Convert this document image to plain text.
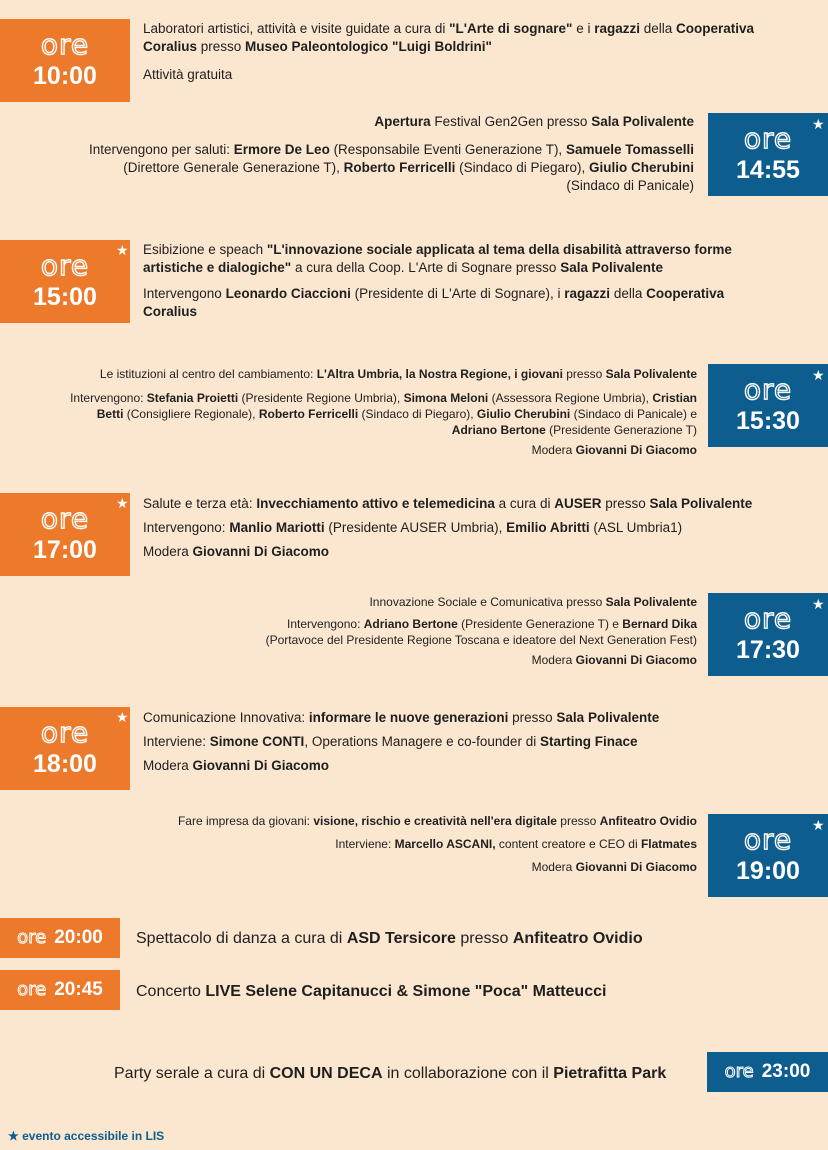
ore
10:00

Laboratori artistici, attività e visite guidate a cura di "L'Arte di sognare" e i ragazzi della Cooperativa Coralius presso Museo Paleontologico "Luigi Boldrini"

Attività gratuita

Apertura Festival Gen2Gen presso Sala Polivalente

Intervengono per saluti: Ermore De Leo (Responsabile Eventi Generazione T), Samuele Tomasselli (Direttore Generale Generazione T), Roberto Ferricelli (Sindaco di Piegaro), Giulio Cherubini (Sindaco di Panicale)

ore
14:55
★
ore
15:00
★ Esibizione e speach "L'innovazione sociale applicata al tema della disabilità attraverso forme artistiche e dialogiche" a cura della Coop. L'Arte di Sognare presso Sala Polivalente

Intervengono Leonardo Ciaccioni (Presidente di L'Arte di Sognare), i ragazzi della Cooperativa Coralius

Le istituzioni al centro del cambiamento: L'Altra Umbria, la Nostra Regione, i giovani presso Sala Polivalente

Intervengono: Stefania Proietti (Presidente Regione Umbria), Simona Meloni (Assessora Regione Umbria), Cristian Betti (Consigliere Regionale), Roberto Ferricelli (Sindaco di Piegaro), Giulio Cherubini (Sindaco di Panicale) e Adriano Bertone (Presidente Generazione T)

Modera Giovanni Di Giacomo

ore
15:30
★
ore
17:00
★ Salute e terza età: Invecchiamento attivo e telemedicina a cura di AUSER presso Sala Polivalente

Intervengono: Manlio Mariotti (Presidente AUSER Umbria), Emilio Abritti (ASL Umbria1)

Modera Giovanni Di Giacomo

Innovazione Sociale e Comunicativa presso Sala Polivalente

Intervengono: Adriano Bertone (Presidente Generazione T) e Bernard Dika (Portavoce del Presidente Regione Toscana e ideatore del Next Generation Fest)

Modera Giovanni Di Giacomo

ore
17:30
★
ore
18:00
★ Comunicazione Innovativa: informare le nuove generazioni presso Sala Polivalente

Interviene: Simone CONTI, Operations Managere e co-founder di Starting Finace

Modera Giovanni Di Giacomo

Fare impresa da giovani: visione, rischio e creatività nell'era digitale presso Anfiteatro Ovidio

Interviene: Marcello ASCANI, content creatore e CEO di Flatmates

Modera Giovanni Di Giacomo

ore
19:00
★
ore 20:00 Spettacolo di danza a cura di ASD Tersicore presso Anfiteatro Ovidio
ore 20:45 Concerto LIVE Selene Capitanucci & Simone "Poca" Matteucci
Party serale a cura di CON UN DECA in collaborazione con il Pietrafitta Park	ore 23:00
★ evento accessibile in LIS
